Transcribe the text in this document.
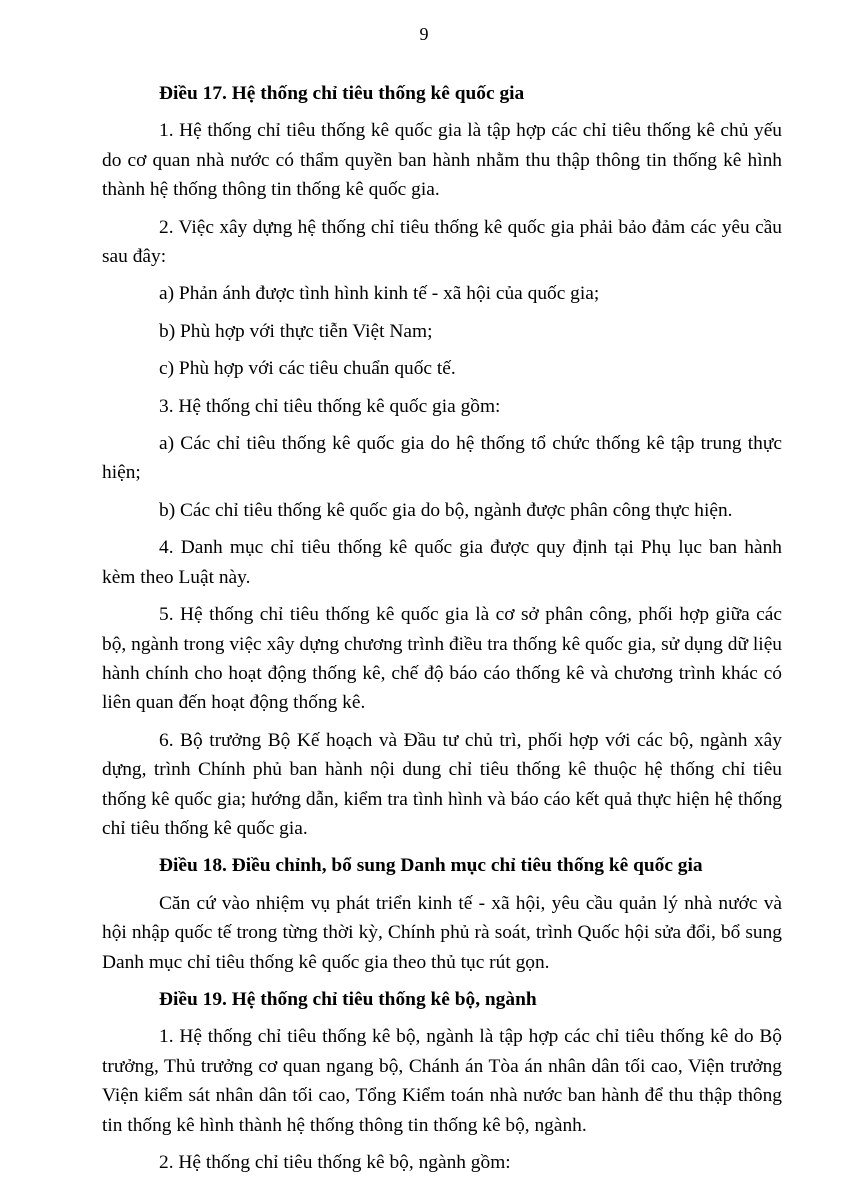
9

Điều 17. Hệ thống chỉ tiêu thống kê quốc gia

1. Hệ thống chỉ tiêu thống kê quốc gia là tập hợp các chỉ tiêu thống kê chủ yếu do cơ quan nhà nước có thẩm quyền ban hành nhằm thu thập thông tin thống kê hình thành hệ thống thông tin thống kê quốc gia.

2. Việc xây dựng hệ thống chỉ tiêu thống kê quốc gia phải bảo đảm các yêu cầu sau đây:

a) Phản ánh được tình hình kinh tế - xã hội của quốc gia;

b) Phù hợp với thực tiễn Việt Nam;

c) Phù hợp với các tiêu chuẩn quốc tế.

3. Hệ thống chỉ tiêu thống kê quốc gia gồm:

a) Các chỉ tiêu thống kê quốc gia do hệ thống tổ chức thống kê tập trung thực hiện;

b) Các chỉ tiêu thống kê quốc gia do bộ, ngành được phân công thực hiện.

4. Danh mục chỉ tiêu thống kê quốc gia được quy định tại Phụ lục ban hành kèm theo Luật này.

5. Hệ thống chỉ tiêu thống kê quốc gia là cơ sở phân công, phối hợp giữa các bộ, ngành trong việc xây dựng chương trình điều tra thống kê quốc gia, sử dụng dữ liệu hành chính cho hoạt động thống kê, chế độ báo cáo thống kê và chương trình khác có liên quan đến hoạt động thống kê.

6. Bộ trưởng Bộ Kế hoạch và Đầu tư chủ trì, phối hợp với các bộ, ngành xây dựng, trình Chính phủ ban hành nội dung chỉ tiêu thống kê thuộc hệ thống chỉ tiêu thống kê quốc gia; hướng dẫn, kiểm tra tình hình và báo cáo kết quả thực hiện hệ thống chỉ tiêu thống kê quốc gia.

Điều 18. Điều chỉnh, bổ sung Danh mục chỉ tiêu thống kê quốc gia

Căn cứ vào nhiệm vụ phát triển kinh tế - xã hội, yêu cầu quản lý nhà nước và hội nhập quốc tế trong từng thời kỳ, Chính phủ rà soát, trình Quốc hội sửa đổi, bổ sung Danh mục chỉ tiêu thống kê quốc gia theo thủ tục rút gọn.

Điều 19. Hệ thống chỉ tiêu thống kê bộ, ngành

1. Hệ thống chỉ tiêu thống kê bộ, ngành là tập hợp các chỉ tiêu thống kê do Bộ trưởng, Thủ trưởng cơ quan ngang bộ, Chánh án Tòa án nhân dân tối cao, Viện trưởng Viện kiểm sát nhân dân tối cao, Tổng Kiểm toán nhà nước ban hành để thu thập thông tin thống kê hình thành hệ thống thông tin thống kê bộ, ngành.

2. Hệ thống chỉ tiêu thống kê bộ, ngành gồm:
